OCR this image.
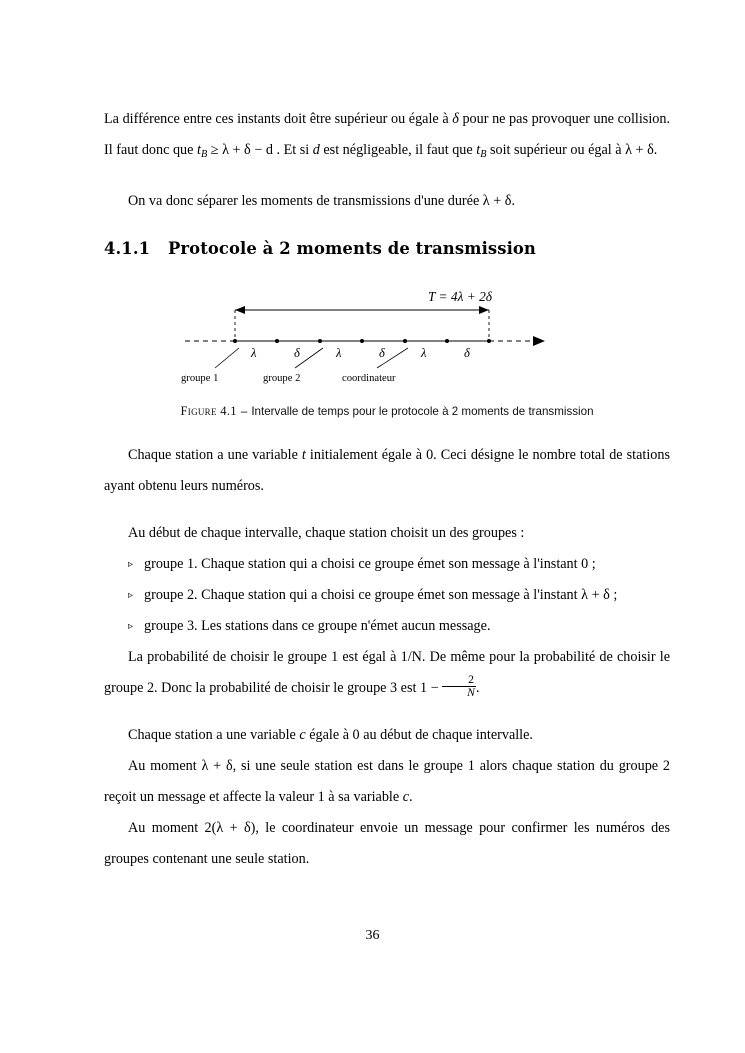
La différence entre ces instants doit être supérieur ou égale à δ pour ne pas provoquer une collision. Il faut donc que $t_B \ge \lambda + \delta - d$ . Et si d est négligeable, il faut que $t_B$ soit supérieur ou égal à λ + δ.

On va donc séparer les moments de transmissions d'une durée λ + δ.

4.1.1 Protocole à 2 moments de transmission
T = 4λ + 2δ
λ	δ	λ	δ	λ	δ
groupe 1	groupe 2	coordinateur
Figure 4.1 – Intervalle de temps pour le protocole à 2 moments de transmission

Chaque station a une variable t initialement égale à 0. Ceci désigne le nombre total de stations ayant obtenu leurs numéros.

Au début de chaque intervalle, chaque station choisit un des groupes :

▹ groupe 1. Chaque station qui a choisi ce groupe émet son message à l'instant 0 ;
▹ groupe 2. Chaque station qui a choisi ce groupe émet son message à l'instant λ + δ ;
▹ groupe 3. Les stations dans ce groupe n'émet aucun message.

La probabilité de choisir le groupe 1 est égal à 1/N. De même pour la probabilité de choisir le groupe 2. Donc la probabilité de choisir le groupe 3 est $1 - \frac{2}{N}$ .

Chaque station a une variable c égale à 0 au début de chaque intervalle.

Au moment λ + δ, si une seule station est dans le groupe 1 alors chaque station du groupe 2 reçoit un message et affecte la valeur 1 à sa variable c.

Au moment 2(λ + δ), le coordinateur envoie un message pour confirmer les numéros des groupes contenant une seule station.

36
